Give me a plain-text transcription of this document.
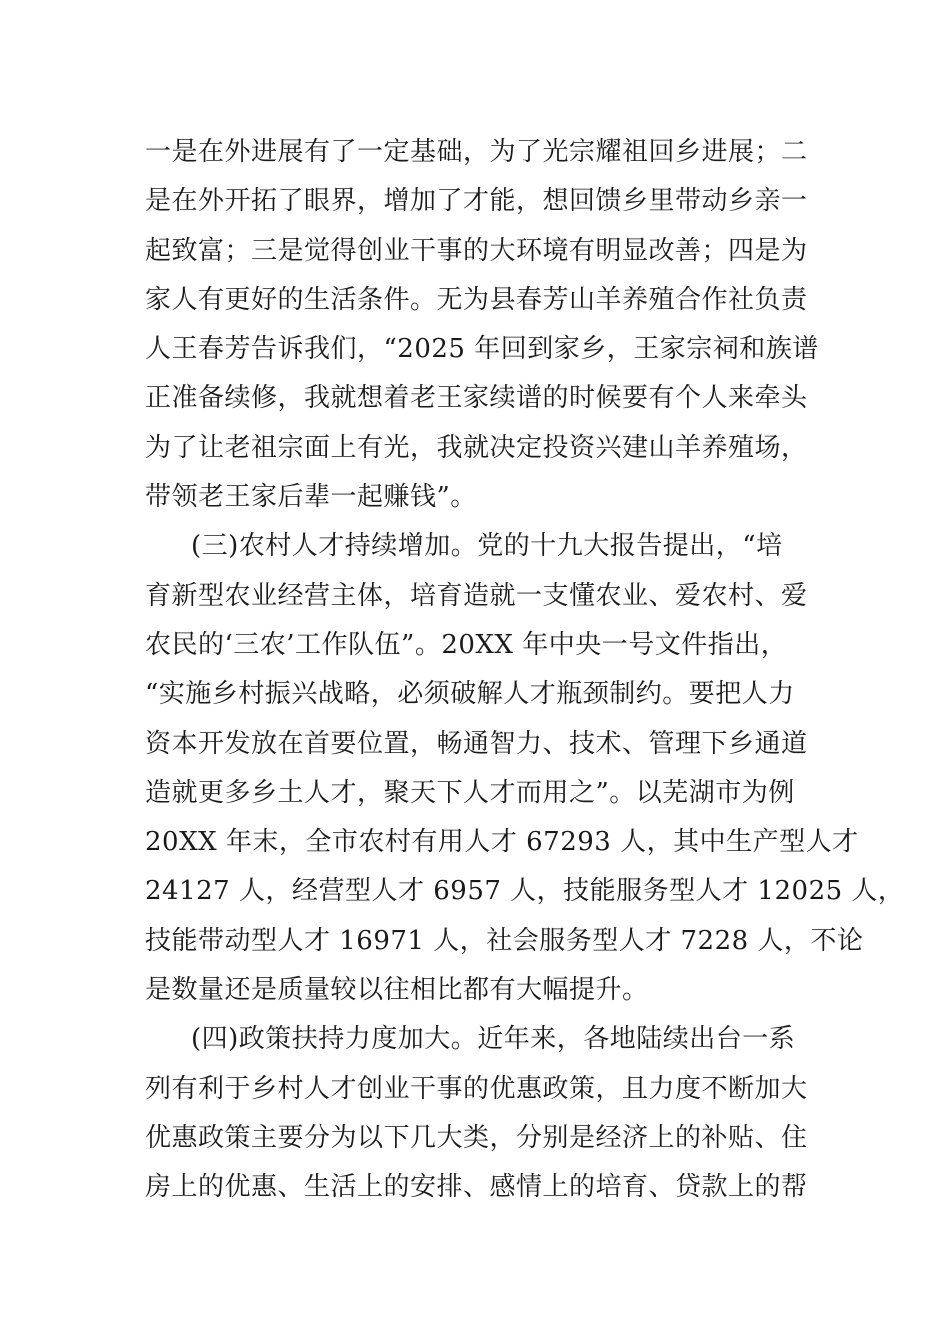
一是在外进展有了一定基础，为了光宗耀祖回乡进展；二
是在外开拓了眼界，增加了才能，想回馈乡里带动乡亲一
起致富；三是觉得创业干事的大环境有明显改善；四是为
家人有更好的生活条件。无为县春芳山羊养殖合作社负责
人王春芳告诉我们，“2025 年回到家乡，王家宗祠和族谱
正准备续修，我就想着老王家续谱的时候要有个人来牵头
为了让老祖宗面上有光，我就决定投资兴建山羊养殖场，
带领老王家后辈一起赚钱”。
(三)农村人才持续增加。党的十九大报告提出，“培
育新型农业经营主体，培育造就一支懂农业、爱农村、爱
农民的‘三农’工作队伍”。20XX 年中央一号文件指出，
“实施乡村振兴战略，必须破解人才瓶颈制约。要把人力
资本开发放在首要位置，畅通智力、技术、管理下乡通道
造就更多乡土人才，聚天下人才而用之”。以芜湖市为例
20XX 年末，全市农村有用人才 67293 人，其中生产型人才
24127 人，经营型人才 6957 人，技能服务型人才 12025 人，
技能带动型人才 16971 人，社会服务型人才 7228 人，不论
是数量还是质量较以往相比都有大幅提升。
(四)政策扶持力度加大。近年来，各地陆续出台一系
列有利于乡村人才创业干事的优惠政策，且力度不断加大
优惠政策主要分为以下几大类，分别是经济上的补贴、住
房上的优惠、生活上的安排、感情上的培育、贷款上的帮
